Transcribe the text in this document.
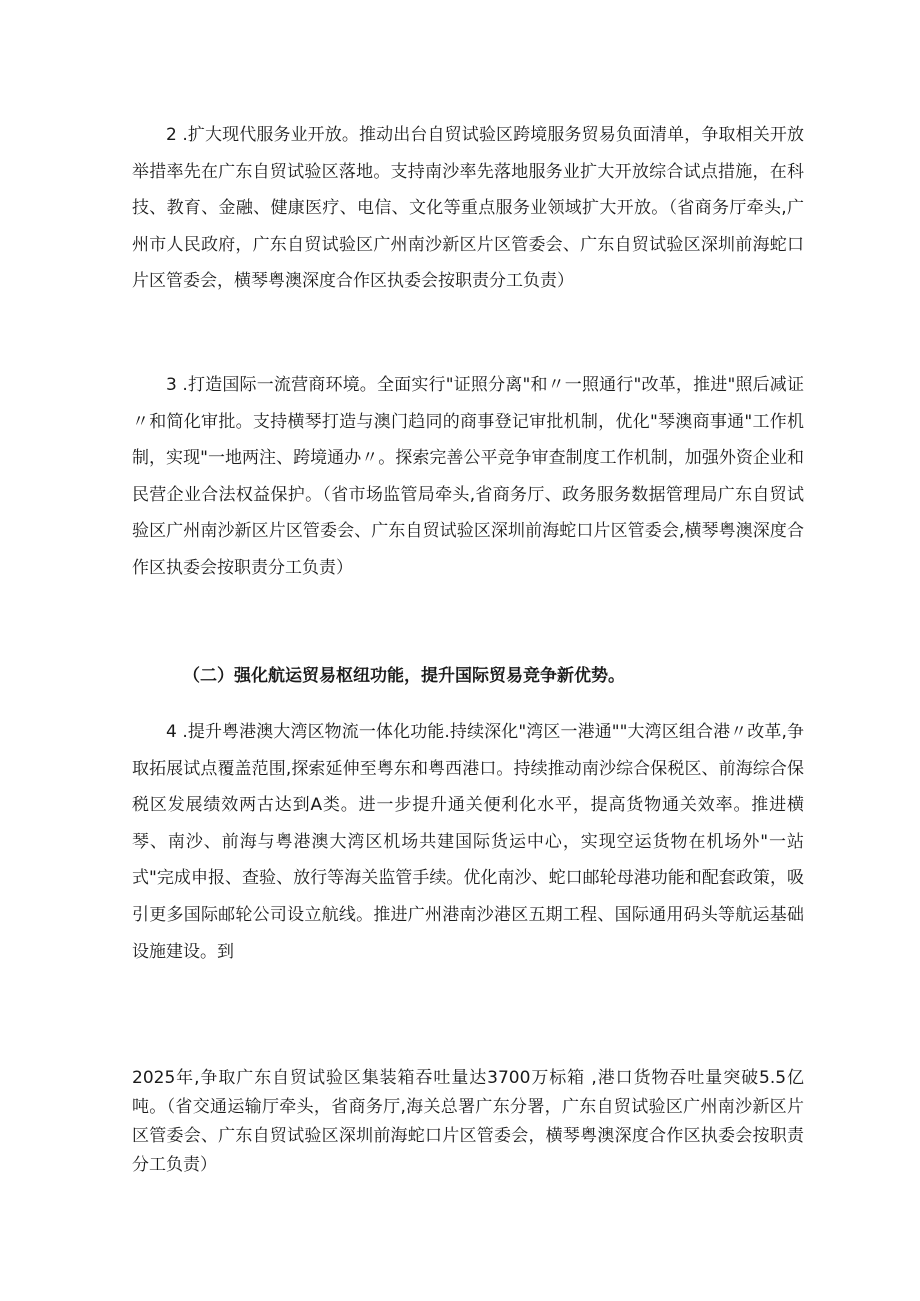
2 .扩大现代服务业开放。推动出台自贸试验区跨境服务贸易负面清单，争取相关开放举措率先在广东自贸试验区落地。支持南沙率先落地服务业扩大开放综合试点措施，在科技、教育、金融、健康医疗、电信、文化等重点服务业领域扩大开放。（省商务厅牵头,广州市人民政府，广东自贸试验区广州南沙新区片区管委会、广东自贸试验区深圳前海蛇口片区管委会，横琴粤澳深度合作区执委会按职责分工负责）

3 .打造国际一流营商环境。全面实行"证照分离"和〃一照通行"改革，推进"照后减证〃和简化审批。支持横琴打造与澳门趋同的商事登记审批机制，优化"琴澳商事通"工作机制，实现"一地两注、跨境通办〃。探索完善公平竞争审查制度工作机制，加强外资企业和民营企业合法权益保护。（省市场监管局牵头,省商务厅、政务服务数据管理局广东自贸试验区广州南沙新区片区管委会、广东自贸试验区深圳前海蛇口片区管委会,横琴粤澳深度合作区执委会按职责分工负责）

（二）强化航运贸易枢纽功能，提升国际贸易竞争新优势。

4 .提升粤港澳大湾区物流一体化功能.持续深化"湾区一港通""大湾区组合港〃改革,争取拓展试点覆盖范围,探索延伸至粤东和粤西港口。持续推动南沙综合保税区、前海综合保税区发展绩效两古达到A类。进一步提升通关便利化水平，提高货物通关效率。推进横琴、南沙、前海与粤港澳大湾区机场共建国际货运中心，实现空运货物在机场外"一站式"完成申报、查验、放行等海关监管手续。优化南沙、蛇口邮轮母港功能和配套政策，吸引更多国际邮轮公司设立航线。推进广州港南沙港区五期工程、国际通用码头等航运基础设施建设。到

2025年,争取广东自贸试验区集装箱吞吐量达3700万标箱 ,港口货物吞吐量突破5.5亿吨。（省交通运输厅牵头，省商务厅,海关总署广东分署，广东自贸试验区广州南沙新区片区管委会、广东自贸试验区深圳前海蛇口片区管委会，横琴粤澳深度合作区执委会按职责分工负责）
